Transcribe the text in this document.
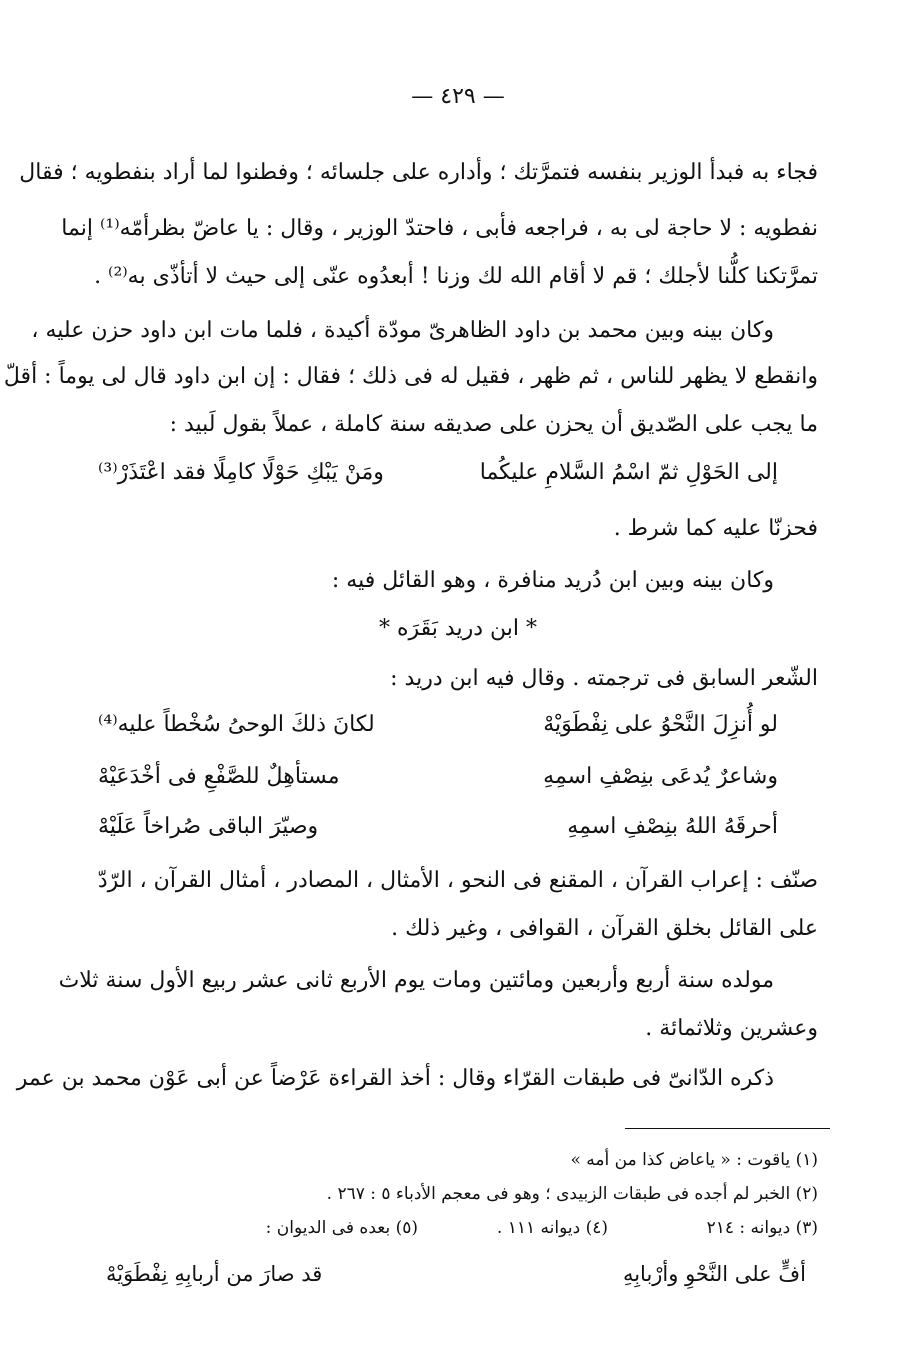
— ٤٢٩ —
فجاء به فبدأ الوزير بنفسه فتمرَّتك ؛ وأداره على جلسائه ؛ وفطنوا لما أراد بنفطويه ؛ فقال
نفطويه : لا حاجة لى به ، فراجعه فأبى ، فاحتدّ الوزير ، وقال : يا عاضّ بظرأمّه⁽¹⁾ إنما
تمرَّتكنا كلُّنا لأجلك ؛ قم لا أقام الله لك وزنا ! أبعدُوه عنّى إلى حيث لا أتأذّى به⁽²⁾ .
وكان بينه وبين محمد بن داود الظاهرىّ مودّة أكيدة ، فلما مات ابن داود حزن عليه ،
وانقطع لا يظهر للناس ، ثم ظهر ، فقيل له فى ذلك ؛ فقال : إن ابن داود قال لى يوماً : أقلّ
ما يجب على الصّديق أن يحزن على صديقه سنة كاملة ، عملاً بقول لَبيد :
إلى الحَوْلِ ثمّ اسْمُ السَّلامِ عليكُما
ومَنْ يَبْكِ حَوْلًا كامِلًا فقد اعْتَذَرْ⁽³⁾
فحزنّا عليه كما شرط .
وكان بينه وبين ابن دُريد منافرة ، وهو القائل فيه :
* ابن دريد بَقَرَه *
الشّعر السابق فى ترجمته . وقال فيه ابن دريد :
لو أُنزِلَ النَّحْوُ على نِفْطَوَيْهْ
لكانَ ذلكَ الوحىُ سُخْطاً عليه⁽⁴⁾
وشاعرٌ يُدعَى بنِصْفِ اسمِهِ
مستأهِلٌ للصَّفْعِ فى أخْدَعَيْهْ
أحرقَهُ اللهُ بنِصْفِ اسمِهِ
وصيّرَ الباقى صُراخاً عَلَيْهْ
صنّف : إعراب القرآن ، المقنع فى النحو ، الأمثال ، المصادر ، أمثال القرآن ، الرّدّ
على القائل بخلق القرآن ، القوافى ، وغير ذلك .
مولده سنة أربع وأربعين ومائتين ومات يوم الأربع ثانى عشر ربيع الأول سنة ثلاث
وعشرين وثلاثمائة .
ذكره الدّانىّ فى طبقات القرّاء وقال : أخذ القراءة عَرْضاً عن أبى عَوْن محمد بن عمر
(١) ياقوت : « ياعاض كذا من أمه »
(٢) الخبر لم أجده فى طبقات الزبيدى ؛ وهو فى معجم الأدباء ٥ : ٢٦٧ .
(٣) ديوانه : ٢١٤
(٤) ديوانه ١١١ .
(٥) بعده فى الديوان :
أفٍّ على النَّحْوِ وأرْبابِهِ
قد صارَ من أربابِهِ نِفْطَوَيْهْ
